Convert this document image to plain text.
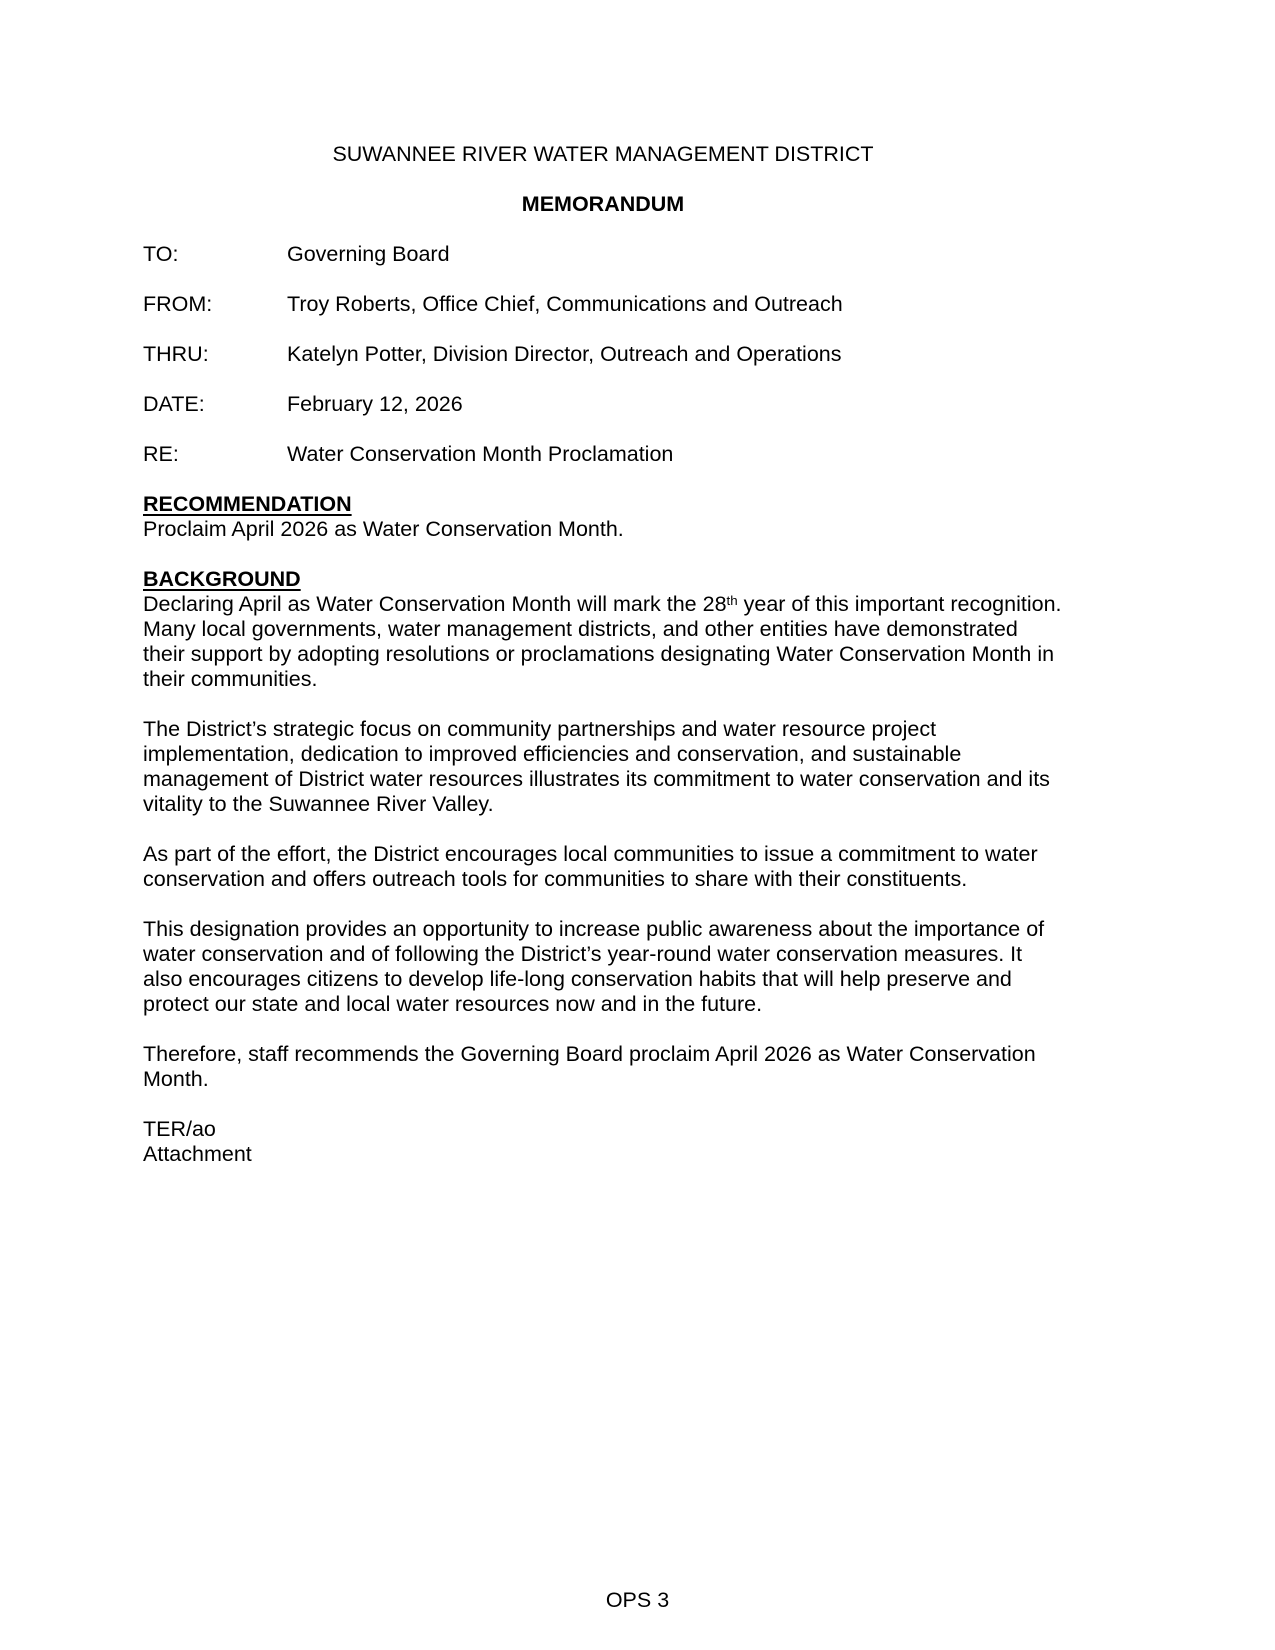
SUWANNEE RIVER WATER MANAGEMENT DISTRICT
MEMORANDUM
TO:	Governing Board
FROM:	Troy Roberts, Office Chief, Communications and Outreach
THRU:	Katelyn Potter, Division Director, Outreach and Operations
DATE:	February 12, 2026
RE:	Water Conservation Month Proclamation
RECOMMENDATION

Proclaim April 2026 as Water Conservation Month.

BACKGROUND

Declaring April as Water Conservation Month will mark the 28th year of this important recognition. Many local governments, water management districts, and other entities have demonstrated their support by adopting resolutions or proclamations designating Water Conservation Month in their communities.

The District’s strategic focus on community partnerships and water resource project implementation, dedication to improved efficiencies and conservation, and sustainable management of District water resources illustrates its commitment to water conservation and its vitality to the Suwannee River Valley.

As part of the effort, the District encourages local communities to issue a commitment to water conservation and offers outreach tools for communities to share with their constituents.

This designation provides an opportunity to increase public awareness about the importance of water conservation and of following the District’s year-round water conservation measures. It also encourages citizens to develop life-long conservation habits that will help preserve and protect our state and local water resources now and in the future.

Therefore, staff recommends the Governing Board proclaim April 2026 as Water Conservation Month.

TER/ao
Attachment
OPS 3
